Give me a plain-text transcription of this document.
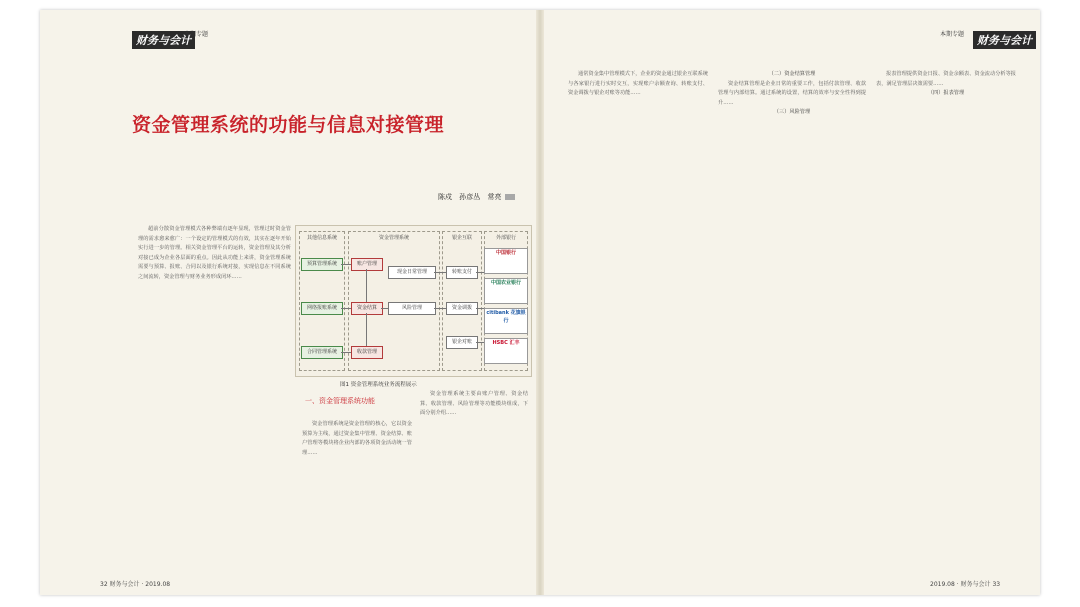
财务与会计
本期专题

超前分散资金管理模式各种弊端有逐年显现，管理过时资金管理的需求愈来愈广：一个设定的管理模式的有效，其实在逐年开始实行进一步的管理。相关资金管理平台的运转，资金管理及其分析对接已成为企业各层面的重点。因此从功能上来讲，资金管理系统需要与预算、报账、合同以及银行系统对接，实现信息在不同系统之间流转，资金管理与财务业务形成闭环……

资金管理系统是资金管理的核心，它以资金预算为主线，通过资金集中管理、资金结算、账户管理等模块将企业内部的各项资金活动统一管理……

资金管理系统主要由账户管理、资金结算、收款管理、风险管理等功能模块组成，下面分别介绍……

32 财务与会计 · 2019.08
财务与会计
本期专题

通常资金集中管理模式下，企业的资金通过银企互联系统与各家银行进行实时交互，实现账户余额查询、转账支付、资金调拨与银企对账等功能……

（二）资金结算管理

资金结算管理是企业日常的重要工作，包括付款管理、收款管理与内部结算。通过系统的设置，结算的效率与安全性得到提升……

（三）风险管理

报表管理提供资金日报、资金余额表、资金流动分析等报表，满足管理层决策需要……

（四）报表管理

2019.08 · 财务与会计 33
资金管理系统的功能与信息对接管理
陈戍 孙彦丛 常亮
其他信息系统	资金管理系统	银企互联	外部银行
预算管理系统
网络报账系统
合同管理系统
账户管理
资金结算
收款管理
现金日常管理
风险管理
转账支付
资金调拨
银企对账
中国银行
中国农业银行
citibank 花旗银行
HSBC 汇丰
图1 资金管理系统业务流程展示
一、资金管理系统功能
